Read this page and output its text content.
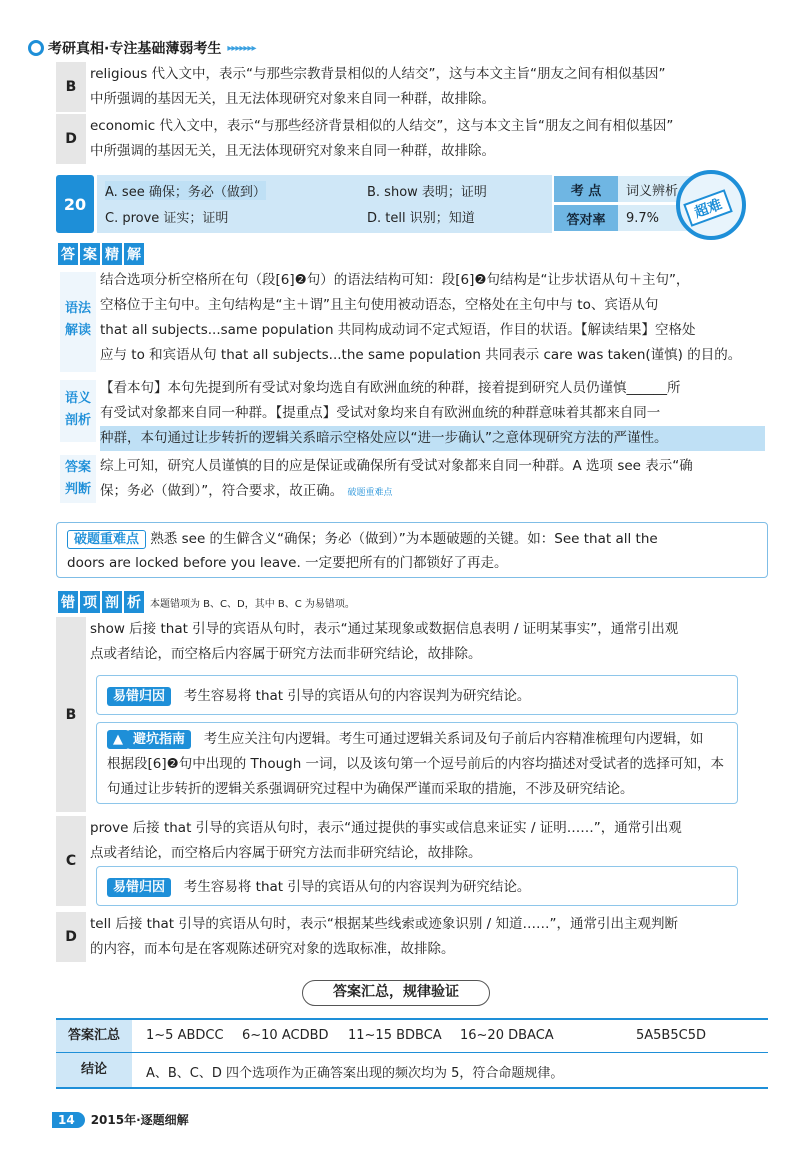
考研真相·专注基础薄弱考生 ▸▸▸▸▸▸▸
B
religious 代入文中，表示“与那些宗教背景相似的人结交”，这与本文主旨“朋友之间有相似基因”
中所强调的基因无关，且无法体现研究对象来自同一种群，故排除。
D
economic 代入文中，表示“与那些经济背景相似的人结交”，这与本文主旨“朋友之间有相似基因”
中所强调的基因无关，且无法体现研究对象来自同一种群，故排除。
20
A. see 确保；务必（做到）	B. show 表明；证明
C. prove 证实；证明	D. tell 识别；知道
考 点	词义辨析
答对率	9.7%	超难
答 案 精 解
语法
解读
结合选项分析空格所在句（段[6]❷句）的语法结构可知：段[6]❷句结构是“让步状语从句＋主句”，
空格位于主句中。主句结构是“主＋谓”且主句使用被动语态，空格处在主句中与 to、宾语从句
that all subjects...same population 共同构成动词不定式短语，作目的状语。【解读结果】空格处
应与 to 和宾语从句 that all subjects...the same population 共同表示 care was taken(谨慎) 的目的。
语义
剖析
【看本句】本句先提到所有受试对象均选自有欧洲血统的种群，接着提到研究人员仍谨慎______所
有受试对象都来自同一种群。【提重点】受试对象均来自有欧洲血统的种群意味着其都来自同一
种群，本句通过让步转折的逻辑关系暗示空格处应以“进一步确认”之意体现研究方法的严谨性。
答案
判断
综上可知，研究人员谨慎的目的应是保证或确保所有受试对象都来自同一种群。A 选项 see 表示“确
保；务必（做到）”，符合要求，故正确。 破题重难点
破题重难点 熟悉 see 的生僻含义“确保；务必（做到）”为本题破题的关键。如：See that all the
doors are locked before you leave. 一定要把所有的门都锁好了再走。
错 项 剖 析 本题错项为 B、C、D，其中 B、C 为易错项。
B
show 后接 that 引导的宾语从句时，表示“通过某现象或数据信息表明 / 证明某事实”，通常引出观
点或者结论，而空格后内容属于研究方法而非研究结论，故排除。
易错归因 考生容易将 that 引导的宾语从句的内容误判为研究结论。
▲ 避坑指南 考生应关注句内逻辑。考生可通过逻辑关系词及句子前后内容精准梳理句内逻辑，如
根据段[6]❷句中出现的 Though 一词，以及该句第一个逗号前后的内容均描述对受试者的选择可知，本
句通过让步转折的逻辑关系强调研究过程中为确保严谨而采取的措施，不涉及研究结论。
C
prove 后接 that 引导的宾语从句时，表示“通过提供的事实或信息来证实 / 证明……”，通常引出观
点或者结论，而空格后内容属于研究方法而非研究结论，故排除。
易错归因 考生容易将 that 引导的宾语从句的内容误判为研究结论。
D
tell 后接 that 引导的宾语从句时，表示“根据某些线索或迹象识别 / 知道……”，通常引出主观判断
的内容，而本句是在客观陈述研究对象的选取标准，故排除。
答案汇总，规律验证
答案汇总	1~5 ABDCC 6~10 ACDBD 11~15 BDBCA 16~20 DBACA	5A5B5C5D
结论	A、B、C、D 四个选项作为正确答案出现的频次均为 5，符合命题规律。
14	2015年·逐题细解
